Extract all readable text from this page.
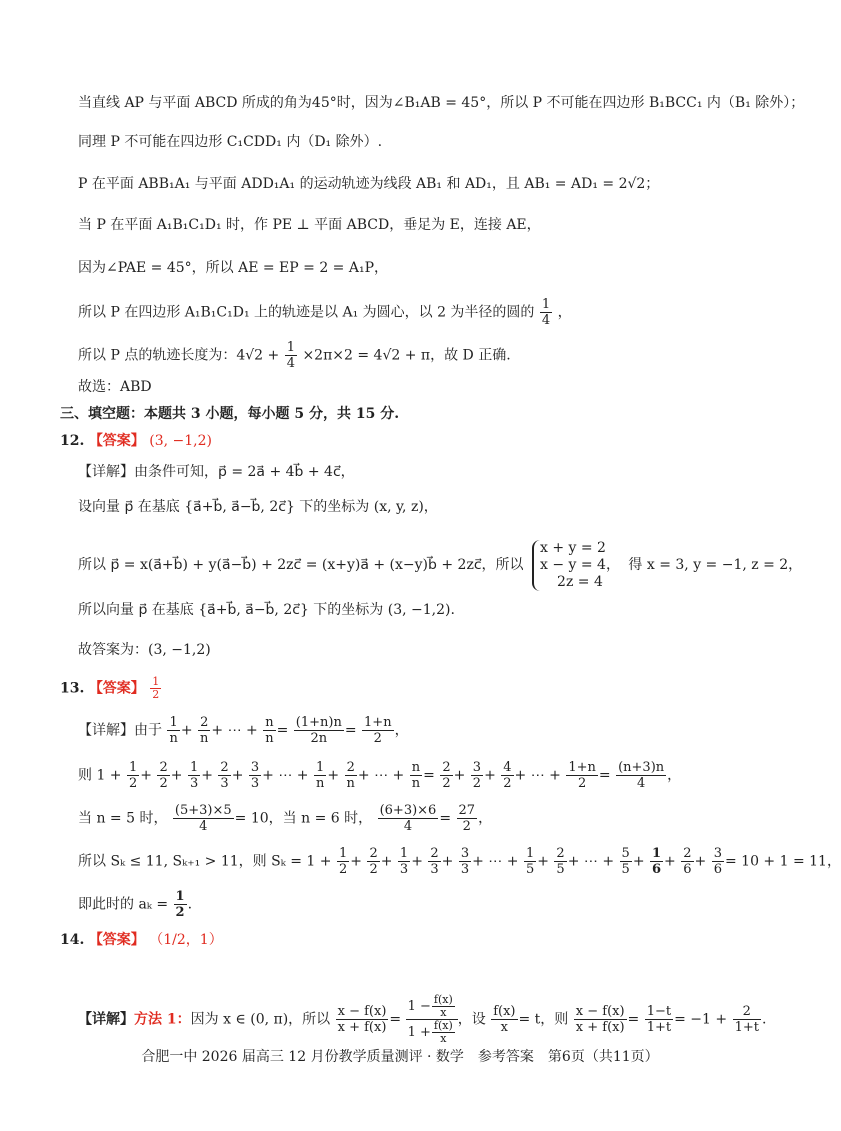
当直线 AP 与平面 ABCD 所成的角为45°时，因为∠B₁AB = 45°，所以 P 不可能在四边形 B₁BCC₁ 内（B₁ 除外）；
同理 P 不可能在四边形 C₁CDD₁ 内（D₁ 除外）.
P 在平面 ABB₁A₁ 与平面 ADD₁A₁ 的运动轨迹为线段 AB₁ 和 AD₁，且 AB₁ = AD₁ = 2√2；
当 P 在平面 A₁B₁C₁D₁ 时，作 PE ⊥ 平面 ABCD，垂足为 E，连接 AE，
因为∠PAE = 45°，所以 AE = EP = 2 = A₁P，
所以 P 在四边形 A₁B₁C₁D₁ 上的轨迹是以 A₁ 为圆心，以 2 为半径的圆的 $\frac{1}{4}$ ，
所以 P 点的轨迹长度为：$4√2 + \frac{1}{4} \times 2\pi\times 2 = 4√2 + \pi$，故 D 正确.
故选：ABD
三、填空题：本题共 3 小题，每小题 5 分，共 15 分.
12. 【答案】 (3, −1,2)
【详解】由条件可知，p⃗ = 2a⃗ + 4b⃗ + 4c⃗，
设向量 p⃗ 在基底 {a⃗+b⃗, a⃗−b⃗, 2c⃗} 下的坐标为 (x, y, z)，
所以 p⃗ = x(a⃗+b⃗) + y(a⃗−b⃗) + 2zc⃗ = (x+y)a⃗ + (x−y)b⃗ + 2zc⃗，所以
x + y = 2
x − y = 4，
2z = 4
得 x = 3, y = −1, z = 2，
所以向量 p⃗ 在基底 {a⃗+b⃗, a⃗−b⃗, 2c⃗} 下的坐标为 (3, −1,2).
故答案为：(3, −1,2)
13. 【答案】 $\frac{1}{2}$
【详解】由于 $\frac{1}{n} + \frac{2}{n}$ + ⋯ + $\frac{n}{n} = \frac{(1+n)n}{2n} = \frac{1+n}{2}$ ，
则 $1 + \frac{1}{2} + \frac{2}{2} + \frac{1}{3} + \frac{2}{3} + \frac{3}{3}$ + ⋯ + $\frac{1}{n} + \frac{2}{n}$ + ⋯ + $\frac{n}{n} = \frac{2}{2} + \frac{3}{2} + \frac{4}{2}$ + ⋯ + $\frac{1+n}{2} = \frac{(n+3)n}{4}$ ，
当 n = 5 时， $\frac{(5+3)\times 5}{4} = 10$，当 n = 6 时， $\frac{(6+3)\times 6}{4} = \frac{27}{2}$ ，
所以 Sₖ ≤ 11, Sₖ₊₁ > 11，则 $S_k = 1 + \frac{1}{2} + \frac{2}{2} + \frac{1}{3} + \frac{2}{3} + \frac{3}{3}$ + ⋯ + $\frac{1}{5} + \frac{2}{5}$ + ⋯ + $\frac{5}{5} + \frac{1}{6} + \frac{2}{6} + \frac{3}{6} = 10 + 1 = 11$，
即此时的 $a_k = \frac{1}{2}$ .
14. 【答案】 （1/2，1）
【详解】方法 1：因为 x ∈ (0, π)，所以 $\frac{x - f(x)}{x + f(x)} = \frac{1 - \frac{f(x)}{x}}{1 + \frac{f(x)}{x}}$ ，设 $\frac{f(x)}{x} = t$，则 $\frac{x - f(x)}{x + f(x)} = \frac{1-t}{1+t} = -1 + \frac{2}{1+t}$ .
合肥一中 2026 届高三 12 月份教学质量测评 · 数学　参考答案　第6页（共11页）
